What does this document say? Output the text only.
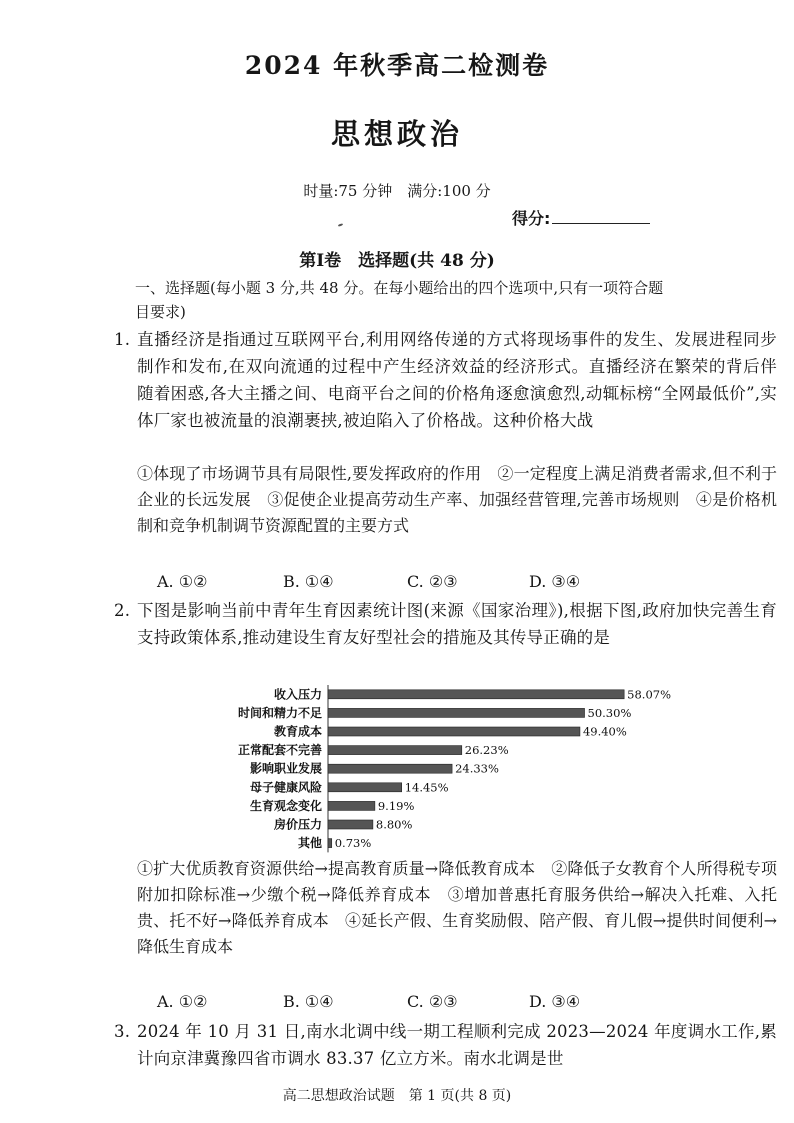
2024 年秋季高二检测卷
思想政治
时量:75 分钟　满分:100 分
得分:
第Ⅰ卷　选择题(共 48 分)
一、选择题(每小题 3 分,共 48 分。在每小题给出的四个选项中,只有一项符合题目要求)
1. 直播经济是指通过互联网平台,利用网络传递的方式将现场事件的发生、发展进程同步制作和发布,在双向流通的过程中产生经济效益的经济形式。直播经济在繁荣的背后伴随着困惑,各大主播之间、电商平台之间的价格角逐愈演愈烈,动辄标榜“全网最低价”,实体厂家也被流量的浪潮裹挟,被迫陷入了价格战。这种价格大战
①体现了市场调节具有局限性,要发挥政府的作用　②一定程度上满足消费者需求,但不利于企业的长远发展　③促使企业提高劳动生产率、加强经营管理,完善市场规则　④是价格机制和竞争机制调节资源配置的主要方式
A. ①②	B. ①④	C. ②③	D. ③④
2. 下图是影响当前中青年生育因素统计图(来源《国家治理》),根据下图,政府加快完善生育支持政策体系,推动建设生育友好型社会的措施及其传导正确的是
收入压力	58.07%
时间和精力不足	50.30%
教育成本	49.40%
正常配套不完善	26.23%
影响职业发展	24.33%
母子健康风险	14.45%
生育观念变化	9.19%
房价压力	8.80%
其他 0.73%
①扩大优质教育资源供给→提高教育质量→降低教育成本　②降低子女教育个人所得税专项附加扣除标准→少缴个税→降低养育成本　③增加普惠托育服务供给→解决入托难、入托贵、托不好→降低养育成本　④延长产假、生育奖励假、陪产假、育儿假→提供时间便利→降低生育成本
A. ①②	B. ①④	C. ②③	D. ③④
3. 2024 年 10 月 31 日,南水北调中线一期工程顺利完成 2023—2024 年度调水工作,累计向京津冀豫四省市调水 83.37 亿立方米。南水北调是世
高二思想政治试题　第 1 页(共 8 页)
